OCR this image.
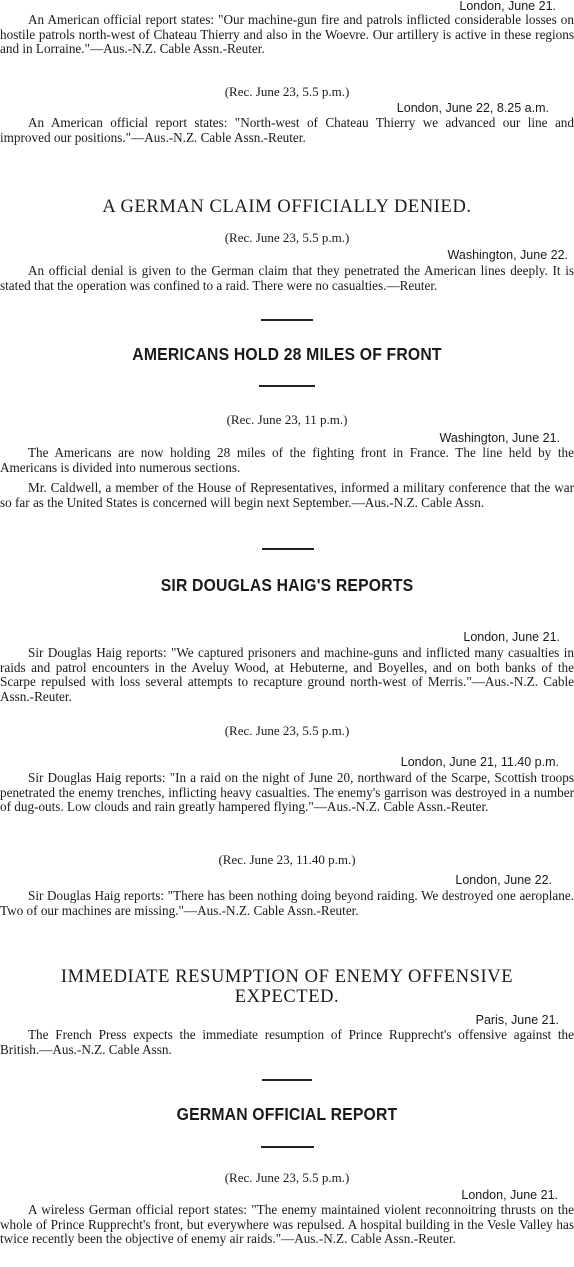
London, June 21.

An American official report states: "Our machine-gun fire and patrols inflicted considerable losses on hostile patrols north-west of Chateau Thierry and also in the Woevre. Our artillery is active in these regions and in Lorraine."—Aus.-N.Z. Cable Assn.-Reuter.

(Rec. June 23, 5.5 p.m.)
London, June 22, 8.25 a.m.

An American official report states: "North-west of Chateau Thierry we advanced our line and improved our positions."—Aus.-N.Z. Cable Assn.-Reuter.

A GERMAN CLAIM OFFICIALLY DENIED.
(Rec. June 23, 5.5 p.m.)
Washington, June 22.

An official denial is given to the German claim that they penetrated the American lines deeply. It is stated that the operation was confined to a raid. There were no casualties.—Reuter.

AMERICANS HOLD 28 MILES OF FRONT
(Rec. June 23, 11 p.m.)
Washington, June 21.

The Americans are now holding 28 miles of the fighting front in France. The line held by the Americans is divided into numerous sections.

Mr. Caldwell, a member of the House of Representatives, informed a military conference that the war so far as the United States is concerned will begin next September.—Aus.-N.Z. Cable Assn.

SIR DOUGLAS HAIG'S REPORTS
London, June 21.

Sir Douglas Haig reports: "We captured prisoners and machine-guns and inflicted many casualties in raids and patrol encounters in the Aveluy Wood, at Hebuterne, and Boyelles, and on both banks of the Scarpe repulsed with loss several attempts to recapture ground north-west of Merris."—Aus.-N.Z. Cable Assn.-Reuter.

(Rec. June 23, 5.5 p.m.)
London, June 21, 11.40 p.m.

Sir Douglas Haig reports: "In a raid on the night of June 20, northward of the Scarpe, Scottish troops penetrated the enemy trenches, inflicting heavy casualties. The enemy's garrison was destroyed in a number of dug-outs. Low clouds and rain greatly hampered flying."—Aus.-N.Z. Cable Assn.-Reuter.

(Rec. June 23, 11.40 p.m.)
London, June 22.

Sir Douglas Haig reports: "There has been nothing doing beyond raiding. We destroyed one aeroplane. Two of our machines are missing."—Aus.-N.Z. Cable Assn.-Reuter.

IMMEDIATE RESUMPTION OF ENEMY OFFENSIVE
EXPECTED.
Paris, June 21.

The French Press expects the immediate resumption of Prince Rupprecht's offensive against the British.—Aus.-N.Z. Cable Assn.

GERMAN OFFICIAL REPORT
(Rec. June 23, 5.5 p.m.)
London, June 21.

A wireless German official report states: "The enemy maintained violent reconnoitring thrusts on the whole of Prince Rupprecht's front, but everywhere was repulsed. A hospital building in the Vesle Valley has twice recently been the objective of enemy air raids."—Aus.-N.Z. Cable Assn.-Reuter.
